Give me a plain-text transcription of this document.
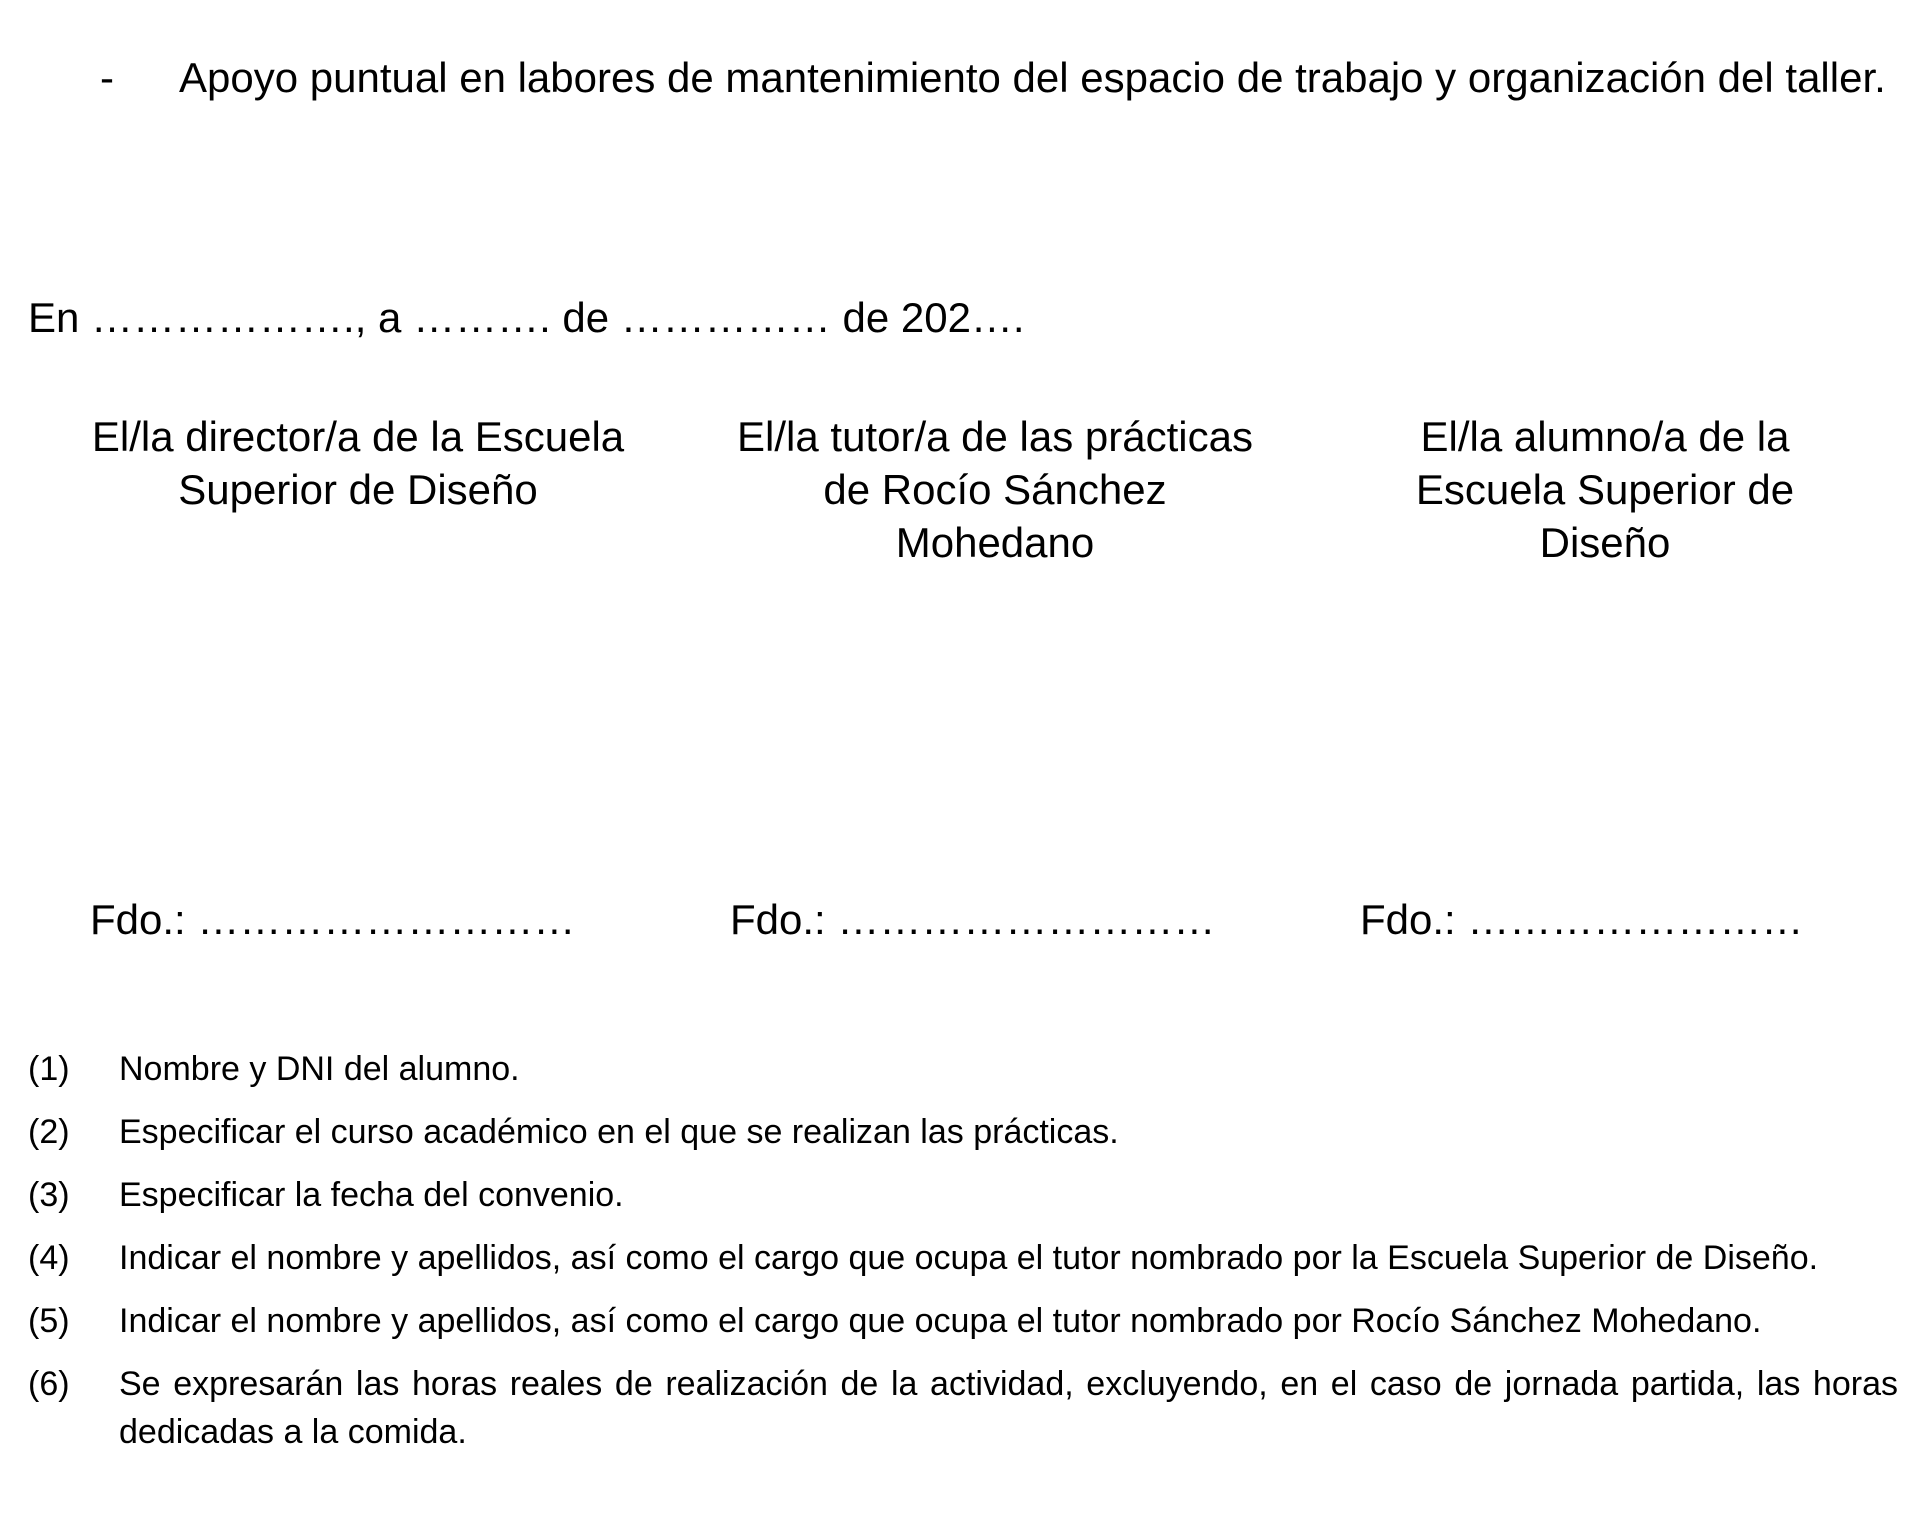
- Apoyo puntual en labores de mantenimiento del espacio de trabajo y organización del taller.
En ………………., a ………. de …………… de 202….
El/la director/a de la Escuela
Superior de Diseño
El/la tutor/a de las prácticas
de Rocío Sánchez
Mohedano
El/la alumno/a de la
Escuela Superior de
Diseño
Fdo.: ………………………	Fdo.: ………………………	Fdo.: ……………………
(1) Nombre y DNI del alumno.
(2) Especificar el curso académico en el que se realizan las prácticas.
(3) Especificar la fecha del convenio.
(4) Indicar el nombre y apellidos, así como el cargo que ocupa el tutor nombrado por la Escuela Superior de Diseño.
(5) Indicar el nombre y apellidos, así como el cargo que ocupa el tutor nombrado por Rocío Sánchez Mohedano.
(6) Se expresarán las horas reales de realización de la actividad, excluyendo, en el caso de jornada partida, las horas dedicadas a la comida.
